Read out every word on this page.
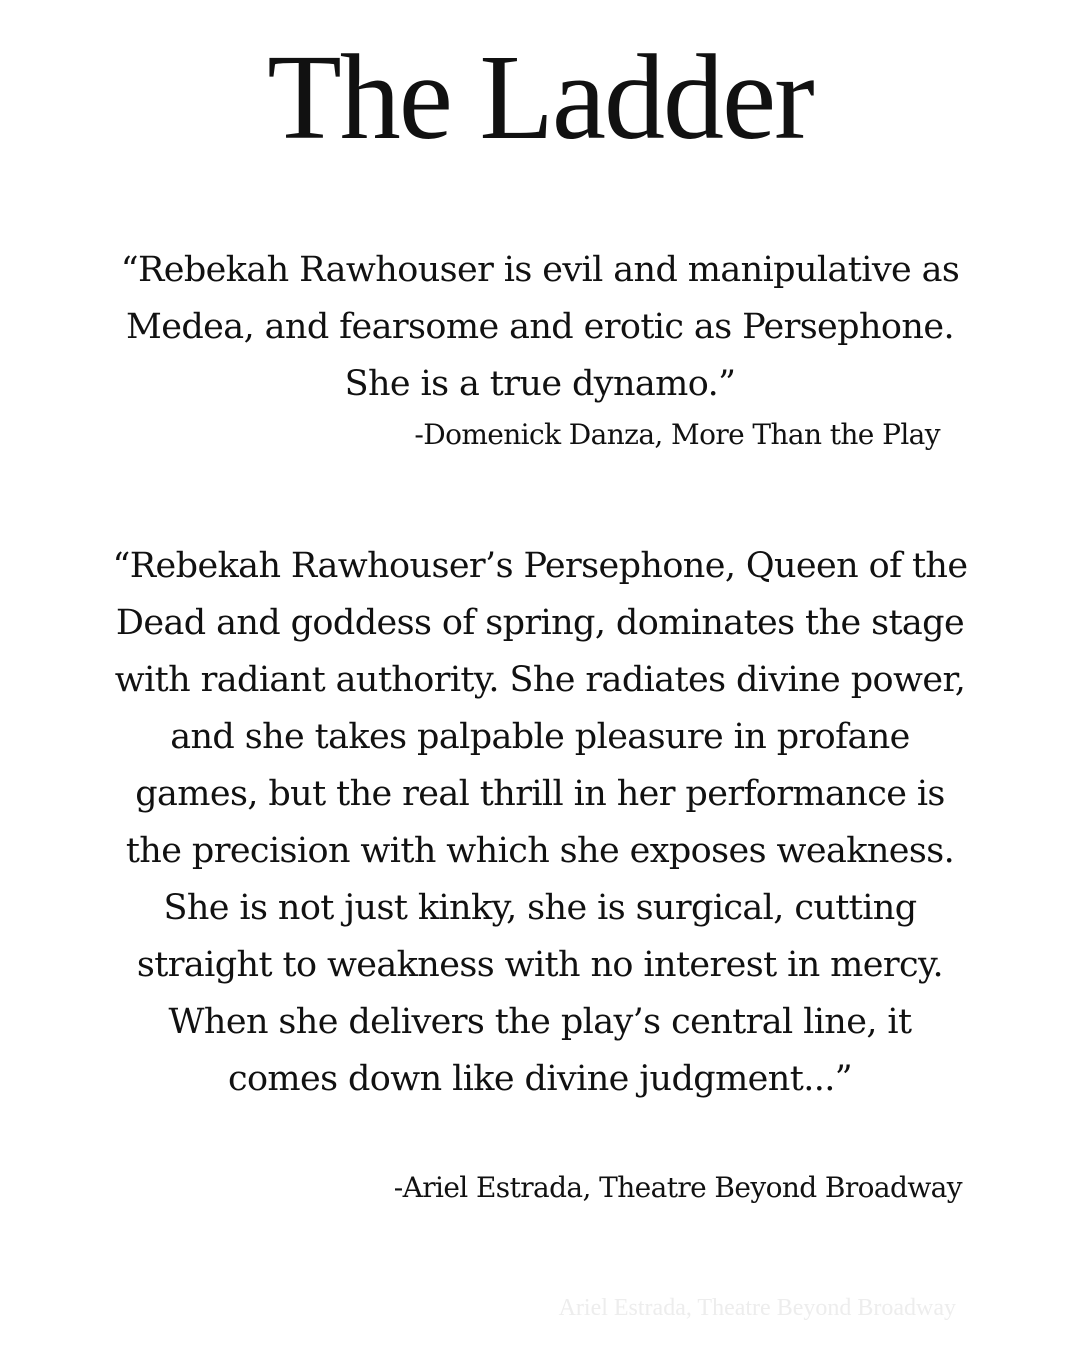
The Ladder

“Rebekah Rawhouser is evil and manipulative as Medea, and fearsome and erotic as Persephone. She is a true dynamo.”

-Domenick Danza, More Than the Play

“Rebekah Rawhouser’s Persephone, Queen of the Dead and goddess of spring, dominates the stage with radiant authority. She radiates divine power, and she takes palpable pleasure in profane games, but the real thrill in her performance is the precision with which she exposes weakness. She is not just kinky, she is surgical, cutting straight to weakness with no interest in mercy. When she delivers the play’s central line, it comes down like divine judgment...”

-Ariel Estrada, Theatre Beyond Broadway

Ariel Estrada, Theatre Beyond Broadway
